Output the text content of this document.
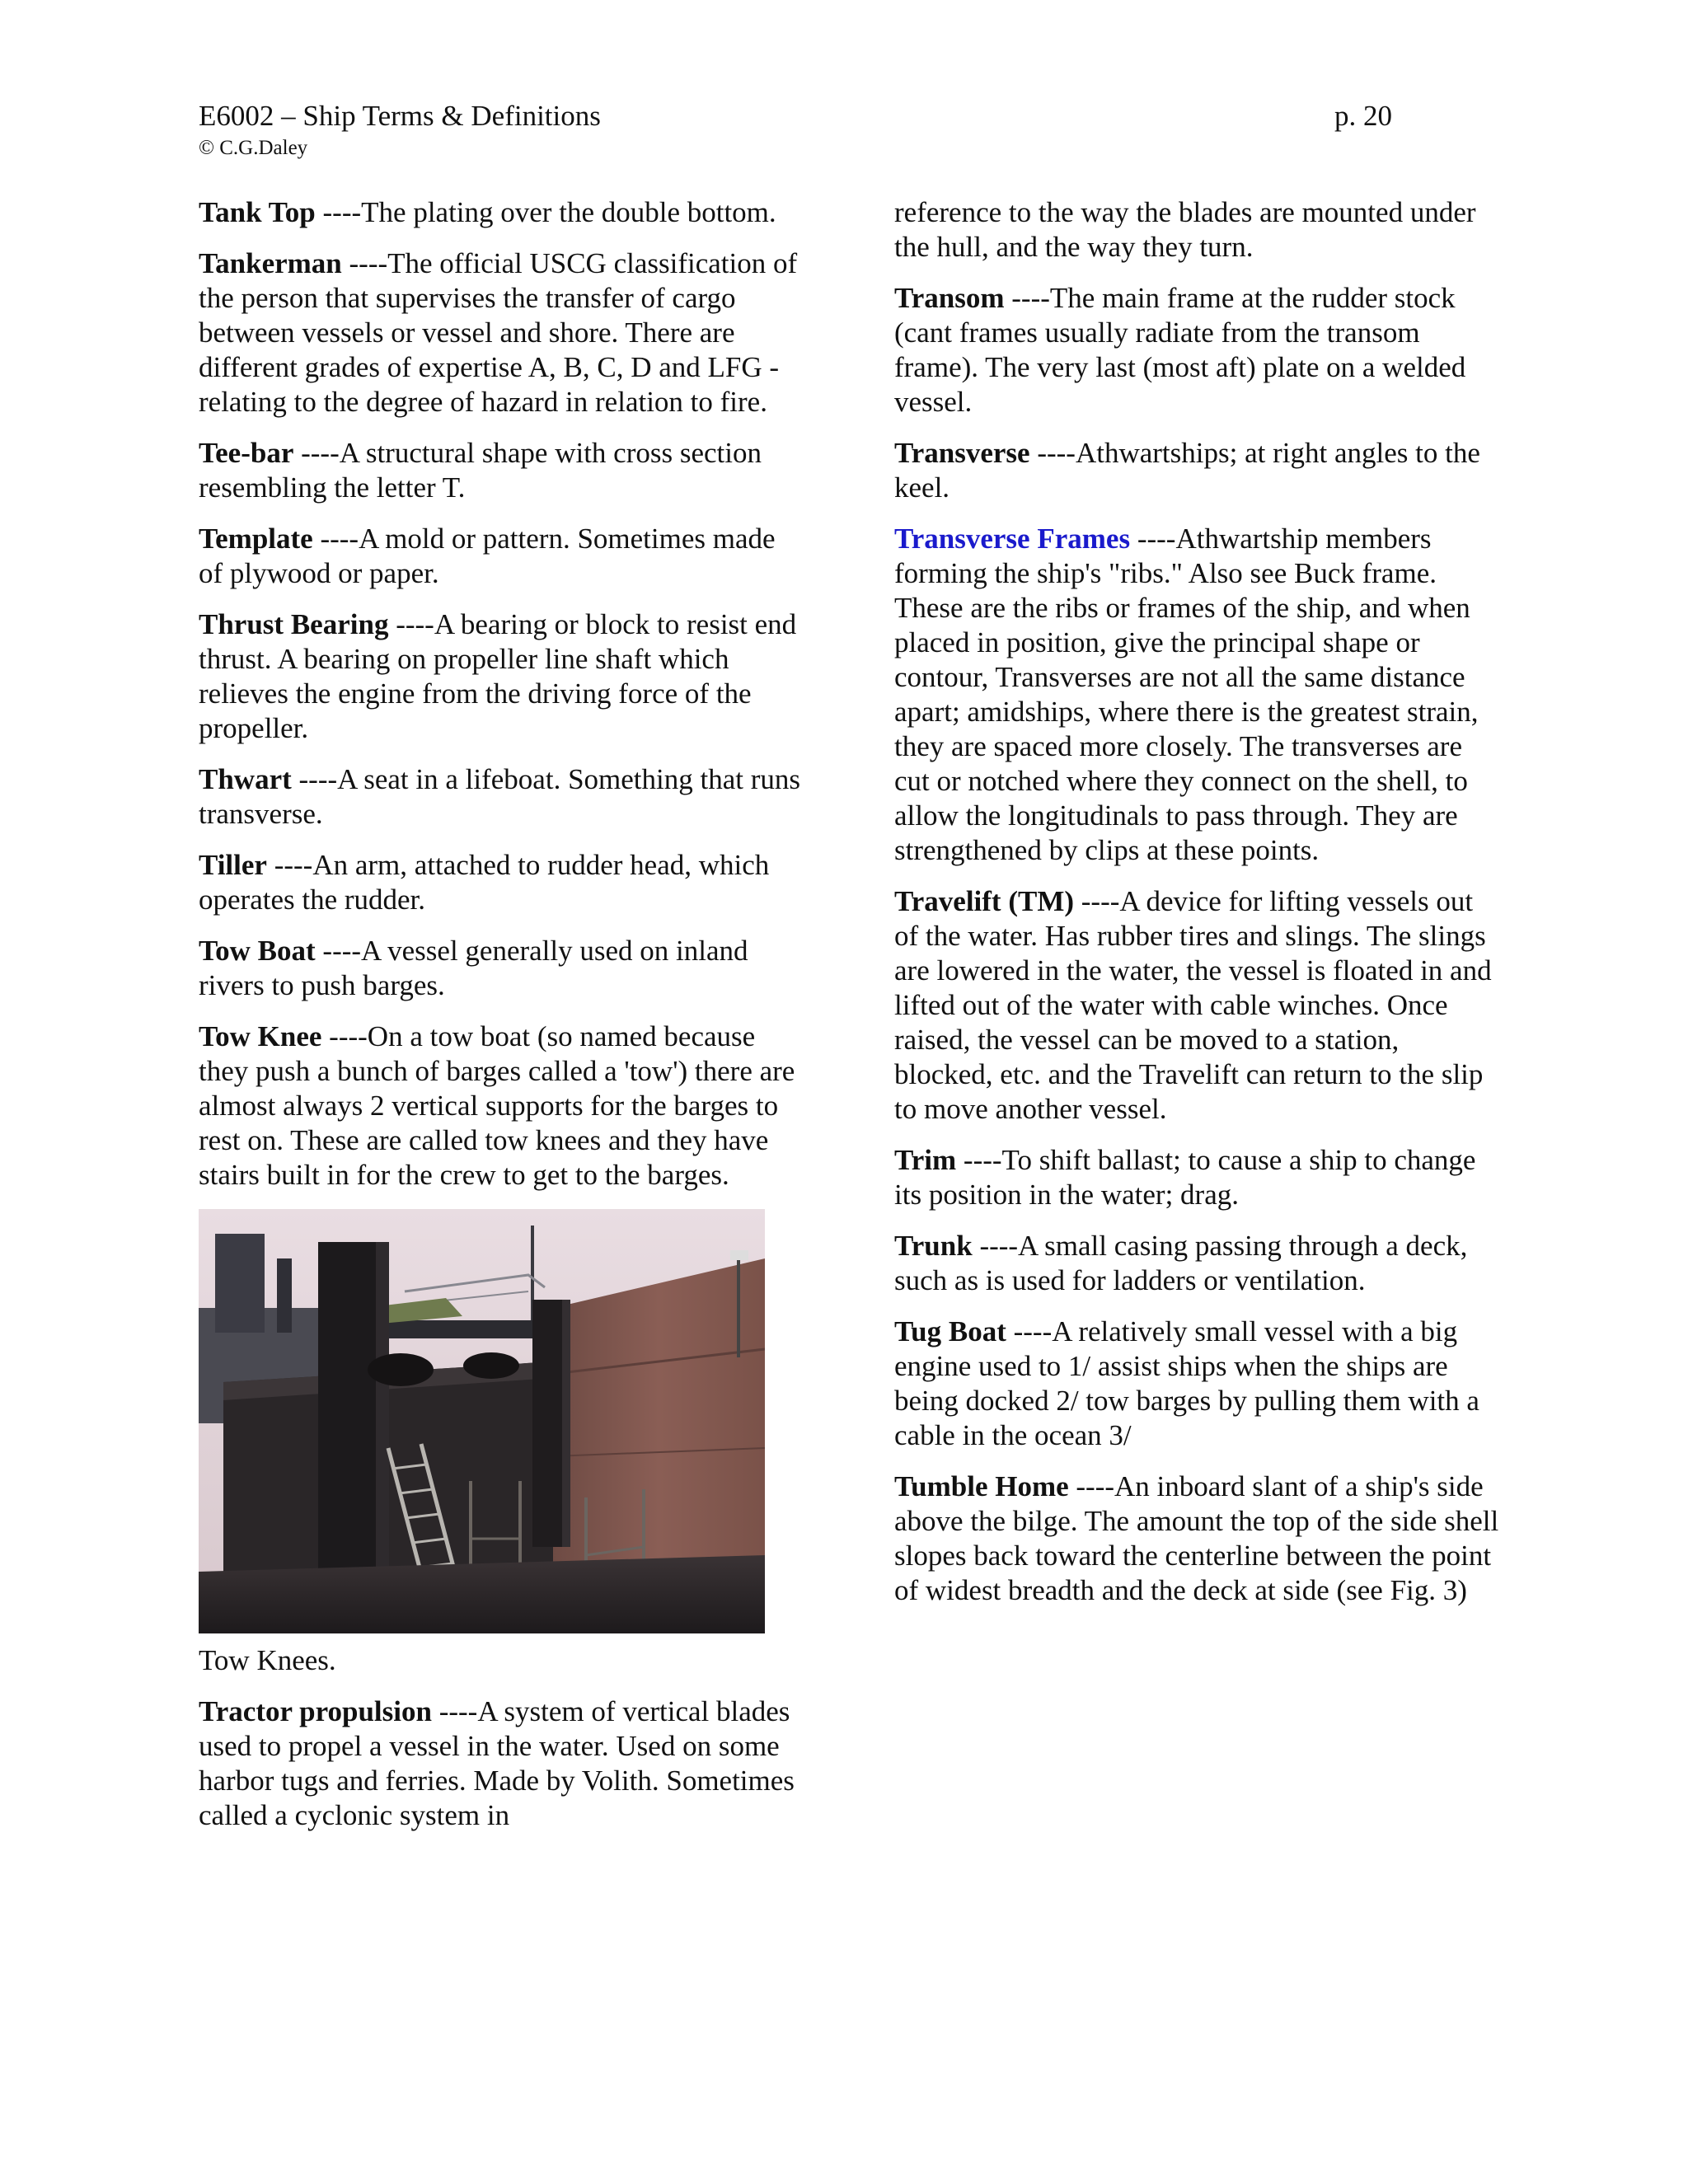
E6002 – Ship Terms & Definitions
© C.G.Daley
p. 20

Tank Top ----The plating over the double bottom.

Tankerman ----The official USCG classification of the person that supervises the transfer of cargo between vessels or vessel and shore. There are different grades of expertise A, B, C, D and LFG - relating to the degree of hazard in relation to fire.

Tee-bar ----A structural shape with cross section resembling the letter T.

Template ----A mold or pattern. Sometimes made of plywood or paper.

Thrust Bearing ----A bearing or block to resist end thrust. A bearing on propeller line shaft which relieves the engine from the driving force of the propeller.

Thwart ----A seat in a lifeboat. Something that runs transverse.

Tiller ----An arm, attached to rudder head, which operates the rudder.

Tow Boat ----A vessel generally used on inland rivers to push barges.

Tow Knee ----On a tow boat (so named because they push a bunch of barges called a 'tow') there are almost always 2 vertical supports for the barges to rest on. These are called tow knees and they have stairs built in for the crew to get to the barges.

Tow Knees.

Tractor propulsion ----A system of vertical blades used to propel a vessel in the water. Used on some harbor tugs and ferries. Made by Volith. Sometimes called a cyclonic system in

reference to the way the blades are mounted under the hull, and the way they turn.

Transom ----The main frame at the rudder stock (cant frames usually radiate from the transom frame). The very last (most aft) plate on a welded vessel.

Transverse ----Athwartships; at right angles to the keel.

Transverse Frames ----Athwartship members forming the ship's "ribs." Also see Buck frame. These are the ribs or frames of the ship, and when placed in position, give the principal shape or contour, Transverses are not all the same distance apart; amidships, where there is the greatest strain, they are spaced more closely. The transverses are cut or notched where they connect on the shell, to allow the longitudinals to pass through. They are strengthened by clips at these points.

Travelift (TM) ----A device for lifting vessels out of the water. Has rubber tires and slings. The slings are lowered in the water, the vessel is floated in and lifted out of the water with cable winches. Once raised, the vessel can be moved to a station, blocked, etc. and the Travelift can return to the slip to move another vessel.

Trim ----To shift ballast; to cause a ship to change its position in the water; drag.

Trunk ----A small casing passing through a deck, such as is used for ladders or ventilation.

Tug Boat ----A relatively small vessel with a big engine used to 1/ assist ships when the ships are being docked 2/ tow barges by pulling them with a cable in the ocean 3/

Tumble Home ----An inboard slant of a ship's side above the bilge. The amount the top of the side shell slopes back toward the centerline between the point of widest breadth and the deck at side (see Fig. 3)
